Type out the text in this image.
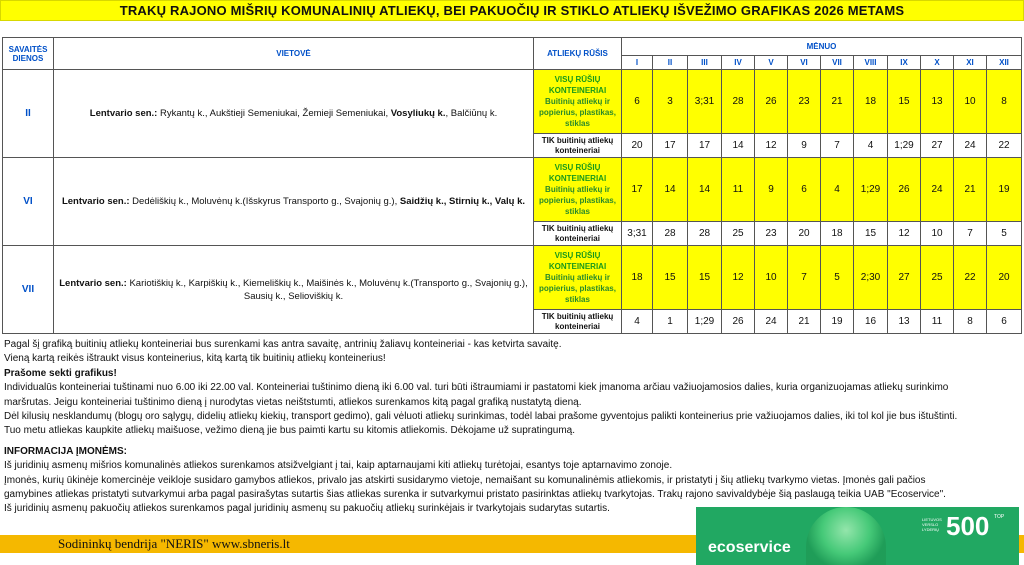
TRAKŲ RAJONO MIŠRIŲ KOMUNALINIŲ ATLIEKŲ, BEI PAKUOČIŲ IR STIKLO ATLIEKŲ IŠVEŽIMO GRAFIKAS 2026 METAMS
SAVAITĖS DIENOS	VIETOVĖ	ATLIEKŲ RŪŠIS	MĖNUO											
			I	II	III	IV	V	VI	VII	VIII	IX	X	XI	XII
II	Lentvario sen.: Rykantų k., Aukštieji Semeniukai, Žemieji Semeniukai, Vosyliukų k., Balčiūnų k.	VISŲ RŪŠIŲ
KONTEINERIAI
Buitinių atliekų ir
popierius, plastikas,
stiklas	6	3	3;31	28	26	23	21	18	15	13	10	8

		TIK buitinių atliekų
konteineriai	20	17	17	14	12	9	7	4	1;29	27	24	22
VI	Lentvario sen.: Dedėliškių k., Moluvėnų k.(Išskyrus Transporto g., Svajonių g.), Saidžių k., Stirnių k., Valų k.	VISŲ RŪŠIŲ
KONTEINERIAI
Buitinių atliekų ir
popierius, plastikas,
stiklas	17	14	14	11	9	6	4	1;29	26	24	21	19

		TIK buitinių atliekų
konteineriai	3;31	28	28	25	23	20	18	15	12	10	7	5
VII	Lentvario sen.: Kariotiškių k., Karpiškių k., Kiemeliškių k., Maišinės k., Moluvėnų k.(Transporto g., Svajonių g.), Sausių k., Selioviškių k.	VISŲ RŪŠIŲ
KONTEINERIAI
Buitinių atliekų ir
popierius, plastikas,
stiklas	18	15	15	12	10	7	5	2;30	27	25	22	20

		TIK buitinių atliekų
konteineriai	4	1	1;29	26	24	21	19	16	13	11	8	6

Pagal šį grafiką buitinių atliekų konteineriai bus surenkami kas antra savaitę, antrinių žaliavų konteineriai - kas ketvirta savaitę.

Vieną kartą reikės ištraukt visus konteinerius, kitą kartą tik buitinių atliekų konteinerius!

Prašome sekti grafikus!

Individualūs konteineriai tuštinami nuo 6.00 iki 22.00 val. Konteineriai tuštinimo dieną iki 6.00 val. turi būti ištraumiami ir pastatomi kiek įmanoma arčiau važiuojamosios dalies, kuria organizuojamas atliekų surinkimo

maršrutas. Jeigu konteineriai tuštinimo dieną į nurodytas vietas neištstumti, atliekos surenkamos kitą pagal grafiką nustatytą dieną.

Dėl kilusių nesklandumų (blogų oro sąlygų, didelių atliekų kiekių, transport gedimo), gali vėluoti atliekų surinkimas, todėl labai prašome gyventojus palikti konteinerius prie važiuojamos dalies, iki tol kol jie bus ištuštinti.

Tuo metu atliekas kaupkite atliekų maišuose, vežimo dieną jie bus paimti kartu su kitomis atliekomis. Dėkojame už supratingumą.

INFORMACIJA ĮMONĖMS:

Iš juridinių asmenų mišrios komunalinės atliekos surenkamos atsižvelgiant į tai, kaip aptarnaujami kiti atliekų turėtojai, esantys toje aptarnavimo zonoje.

Įmonės, kurių ūkinėje komercinėje veikloje susidaro gamybos atliekos, privalo jas atskirti susidarymo vietoje, nemaišant su komunalinėmis atliekomis, ir pristatyti į šių atliekų tvarkymo vietas. Įmonės gali pačios

gamybines atliekas pristatyti sutvarkymui arba pagal pasirašytas sutartis šias atliekas surenka ir sutvarkymui pristato pasirinktas atliekų tvarkytojas. Trakų rajono savivaldybėje šią paslaugą teikia UAB "Ecoservice".

Iš juridinių asmenų pakuočių atliekos surenkamos pagal juridinių asmenų su pakuočių atliekų surinkėjais ir tvarkytojais sudarytas sutartis.

Sodininkų bendrija "NERIS" www.sbneris.lt	ecoservice
LIETUVOS VERSLO LYDERIŲ 500 TOP
